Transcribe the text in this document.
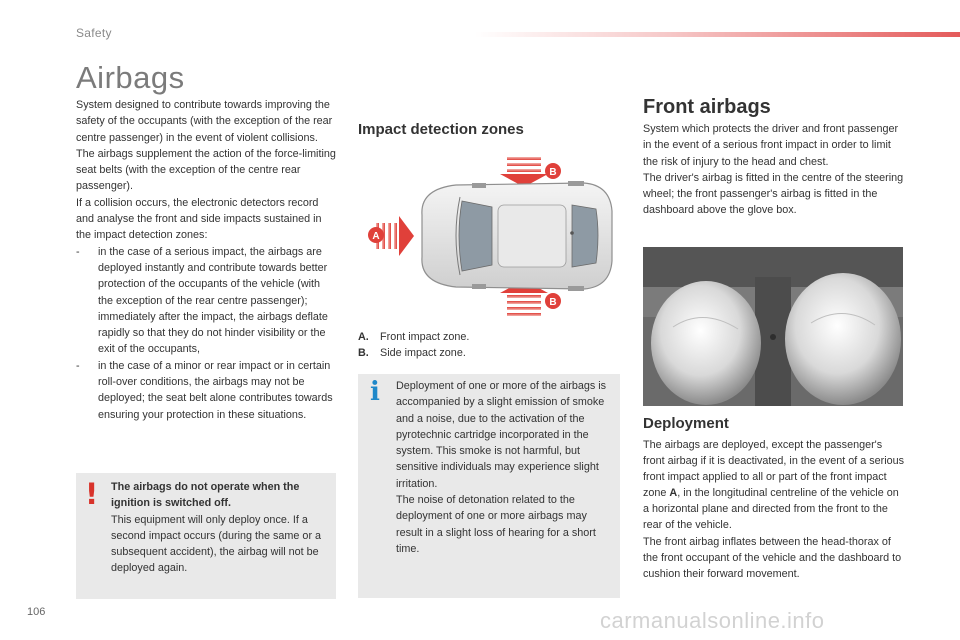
Safety
Airbags

System designed to contribute towards improving the safety of the occupants (with the exception of the rear centre passenger) in the event of violent collisions. The airbags supplement the action of the force-limiting seat belts (with the exception of the centre rear passenger).

If a collision occurs, the electronic detectors record and analyse the front and side impacts sustained in the impact detection zones:

- in the case of a serious impact, the airbags are deployed instantly and contribute towards better protection of the occupants of the vehicle (with the exception of the rear centre passenger); immediately after the impact, the airbags deflate rapidly so that they do not hinder visibility or the exit of the occupants,
- in the case of a minor or rear impact or in certain roll-over conditions, the airbags may not be deployed; the seat belt alone contributes towards ensuring your protection in these situations.
! The airbags do not operate when the ignition is switched off.
This equipment will only deploy once. If a second impact occurs (during the same or a subsequent accident), the airbag will not be deployed again.
Impact detection zones
B
B
A
A. Front impact zone.
B. Side impact zone.
i Deployment of one or more of the airbags is accompanied by a slight emission of smoke and a noise, due to the activation of the pyrotechnic cartridge incorporated in the system. This smoke is not harmful, but sensitive individuals may experience slight irritation.
The noise of detonation related to the deployment of one or more airbags may result in a slight loss of hearing for a short time.
Front airbags
System which protects the driver and front passenger in the event of a serious front impact in order to limit the risk of injury to the head and chest.
The driver's airbag is fitted in the centre of the steering wheel; the front passenger's airbag is fitted in the dashboard above the glove box.
Deployment
The airbags are deployed, except the passenger's front airbag if it is deactivated, in the event of a serious front impact applied to all or part of the front impact zone A, in the longitudinal centreline of the vehicle on a horizontal plane and directed from the front to the rear of the vehicle.
The front airbag inflates between the head-thorax of the front occupant of the vehicle and the dashboard to cushion their forward movement.
106	carmanualsonline.info
